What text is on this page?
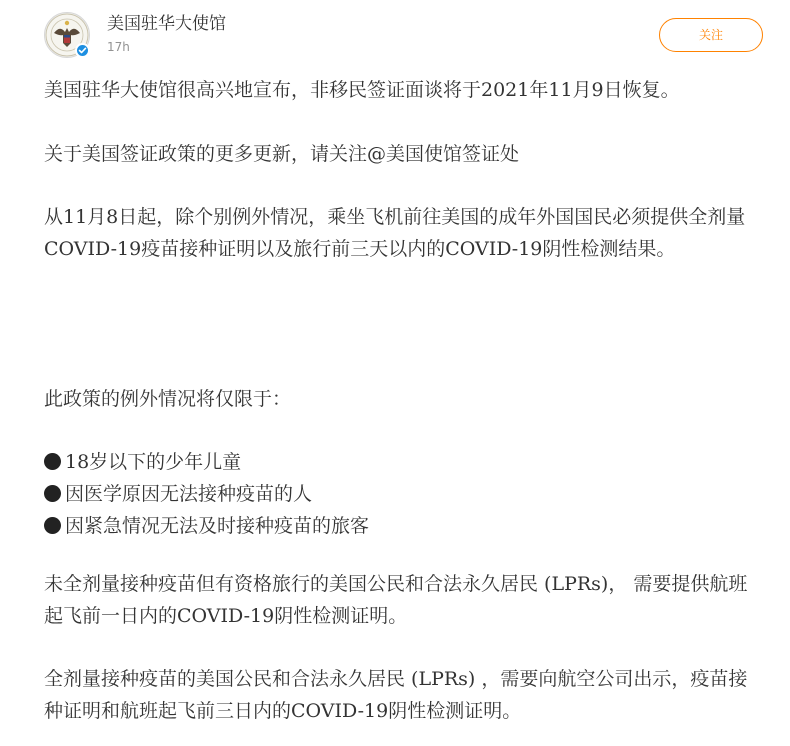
美国驻华大使馆
17h
关注

美国驻华大使馆很高兴地宣布，非移民签证面谈将于2021年11月9日恢复。

关于美国签证政策的更多更新，请关注@美国使馆签证处

从11月8日起，除个别例外情况，乘坐飞机前往美国的成年外国国民必须提供全剂量COVID-19疫苗接种证明以及旅行前三天以内的COVID-19阴性检测结果。

此政策的例外情况将仅限于：

18岁以下的少年儿童
因医学原因无法接种疫苗的人
因紧急情况无法及时接种疫苗的旅客

未全剂量接种疫苗但有资格旅行的美国公民和合法永久居民 (LPRs)， 需要提供航班起飞前一日内的COVID-19阴性检测证明。

全剂量接种疫苗的美国公民和合法永久居民 (LPRs) ，需要向航空公司出示，疫苗接种证明和航班起飞前三日内的COVID-19阴性检测证明。
